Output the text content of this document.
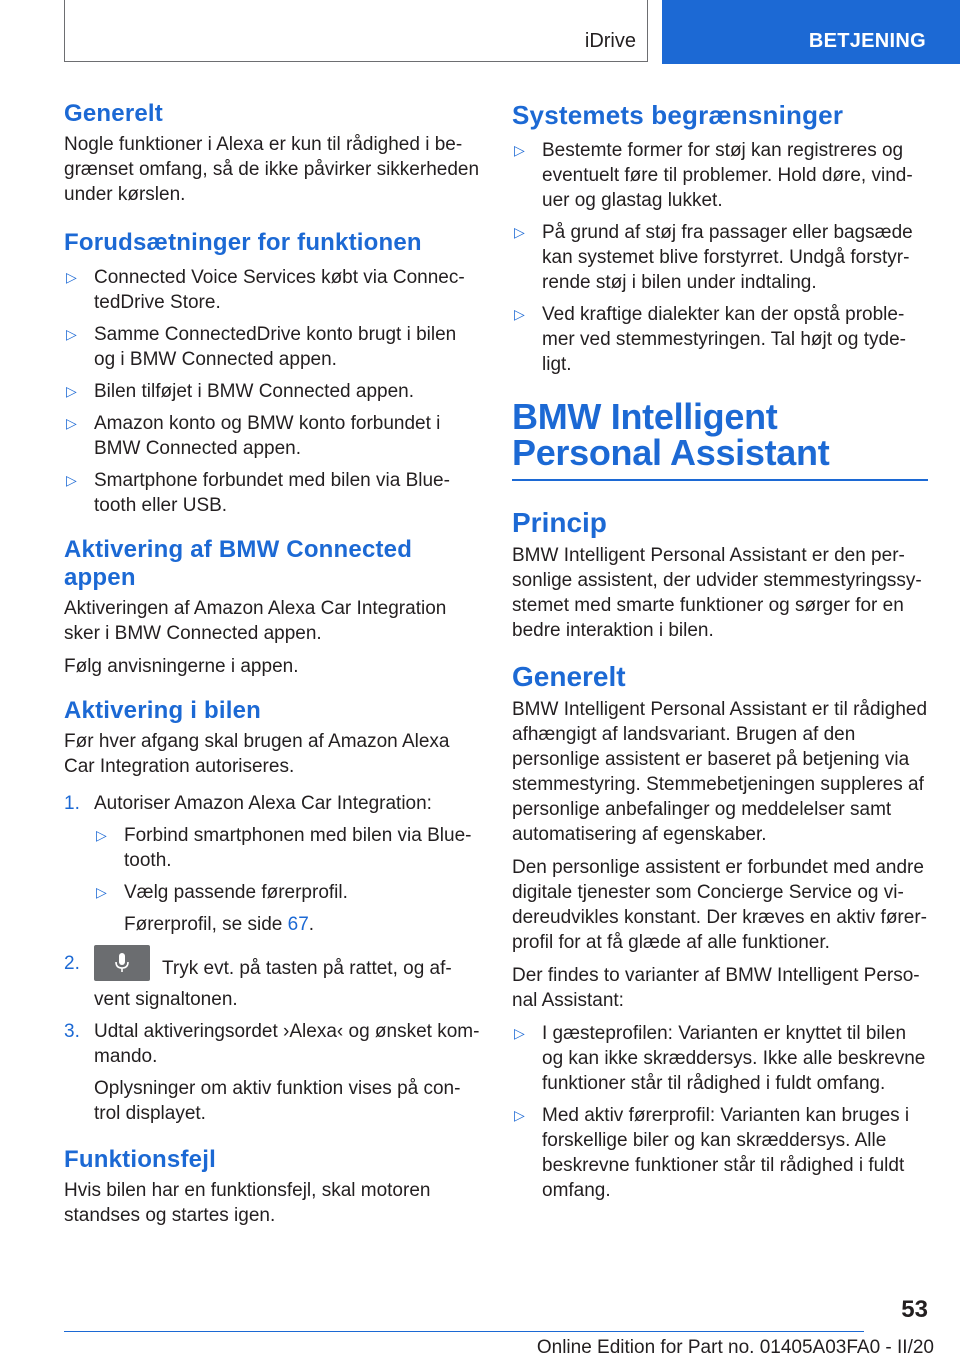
iDrive	BETJENING
Generelt

Nogle funktioner i Alexa er kun til rådighed i begrænset omfang, så de ikke påvirker sikkerheden under kørslen.

Forudsætninger for funktionen
▷ Connected Voice Services købt via ConnectedDrive Store.
▷ Samme ConnectedDrive konto brugt i bilen og i BMW Connected appen.
▷ Bilen tilføjet i BMW Connected appen.
▷ Amazon konto og BMW konto forbundet i BMW Connected appen.
▷ Smartphone forbundet med bilen via Bluetooth eller USB.
Aktivering af BMW Connected appen

Aktiveringen af Amazon Alexa Car Integration sker i BMW Connected appen.

Følg anvisningerne i appen.

Aktivering i bilen

Før hver afgang skal brugen af Amazon Alexa Car Integration autoriseres.

1. Autoriser Amazon Alexa Car Integration:
▷ Forbind smartphonen med bilen via Bluetooth.
▷ Vælg passende førerprofil.

Førerprofil, se side 67.

2.	Tryk evt. på tasten på rattet, og afvent signaltonen.
3. Udtal aktiveringsordet ›Alexa‹ og ønsket kommando.

Oplysninger om aktiv funktion vises på control displayet.

Funktionsfejl

Hvis bilen har en funktionsfejl, skal motoren standses og startes igen.

Systemets begrænsninger
▷ Bestemte former for støj kan registreres og eventuelt føre til problemer. Hold døre, vinduer og glastag lukket.
▷ På grund af støj fra passager eller bagsæde kan systemet blive forstyrret. Undgå forstyrrende støj i bilen under indtaling.
▷ Ved kraftige dialekter kan der opstå problemer ved stemmestyringen. Tal højt og tydeligt.
BMW Intelligent Personal Assistant
Princip

BMW Intelligent Personal Assistant er den personlige assistent, der udvider stemmestyringssystemet med smarte funktioner og sørger for en bedre interaktion i bilen.

Generelt

BMW Intelligent Personal Assistant er til rådighed afhængigt af landsvariant. Brugen af den personlige assistent er baseret på betjening via stemmestyring. Stemmebetjeningen suppleres af personlige anbefalinger og meddelelser samt automatisering af egenskaber.

Den personlige assistent er forbundet med andre digitale tjenester som Concierge Service og videreudvikles konstant. Der kræves en aktiv førerprofil for at få glæde af alle funktioner.

Der findes to varianter af BMW Intelligent Personal Assistant:

▷ I gæsteprofilen: Varianten er knyttet til bilen og kan ikke skræddersys. Ikke alle beskrevne funktioner står til rådighed i fuldt omfang.
▷ Med aktiv førerprofil: Varianten kan bruges i forskellige biler og kan skræddersys. Alle beskrevne funktioner står til rådighed i fuldt omfang.
53
Online Edition for Part no. 01405A03FA0 - II/20
